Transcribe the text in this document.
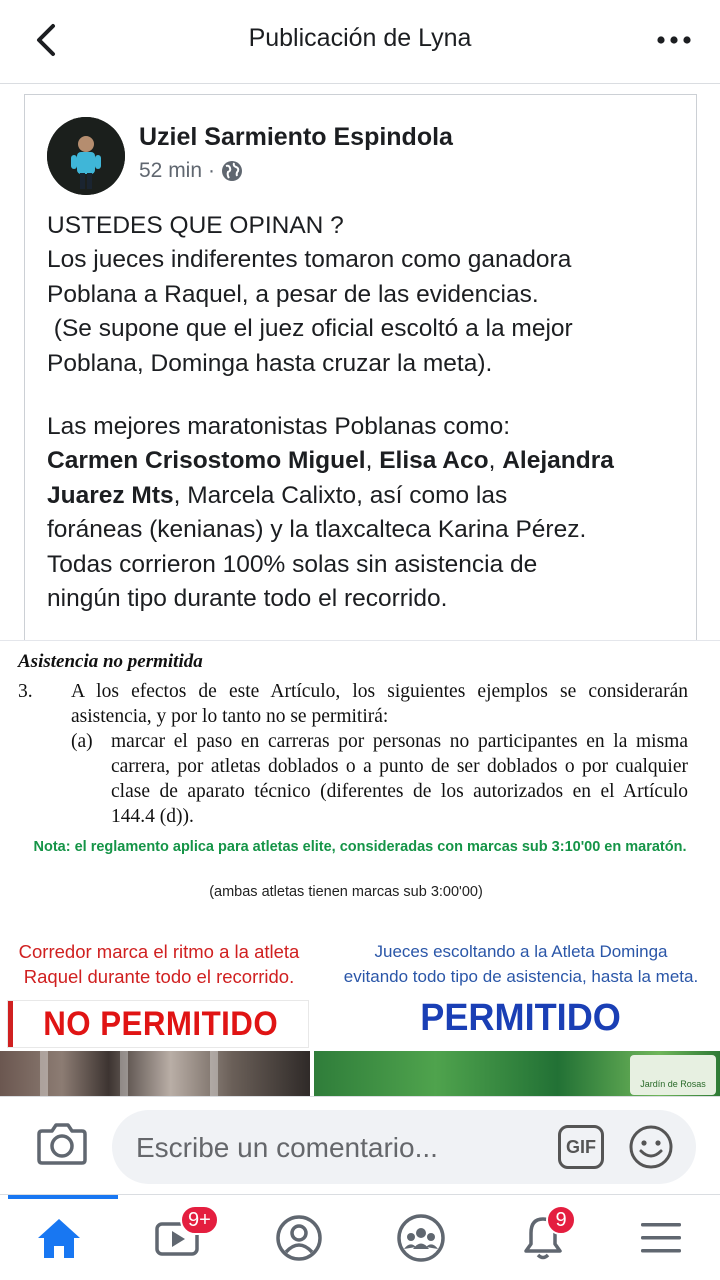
Publicación de Lyna
Uziel Sarmiento Espindola
52 min ·

USTEDES QUE OPINAN ?

Los jueces indiferentes tomaron como ganadora

Poblana a Raquel, a pesar de las evidencias.

(Se supone que el juez oficial escoltó a la mejor

Poblana, Dominga hasta cruzar la meta).

Las mejores maratonistas Poblanas como:

Carmen Crisostomo Miguel, Elisa Aco, Alejandra

Juarez Mts, Marcela Calixto, así como las

foráneas (kenianas) y la tlaxcalteca Karina Pérez.

Todas corrieron 100% solas sin asistencia de

ningún tipo durante todo el recorrido.

Asistencia no permitida
3.	A los efectos de este Artículo, los siguientes ejemplos se considerarán asistencia, y por lo tanto no se permitirá:
(a) marcar el paso en carreras por personas no participantes en la misma carrera, por atletas doblados o a punto de ser doblados o por cualquier clase de aparato técnico (diferentes de los autorizados en el Artículo 144.4 (d)).
Nota: el reglamento aplica para atletas elite, consideradas con marcas sub 3:10'00 en maratón.
(ambas atletas tienen marcas sub 3:00'00)
Corredor marca el ritmo a la atleta
Raquel durante todo el recorrido.
Jueces escoltando a la Atleta Dominga
evitando todo tipo de asistencia, hasta la meta.
NO PERMITIDO	PERMITIDO
Jardín de Rosas
Escribe un comentario...	GIF
9+	9
